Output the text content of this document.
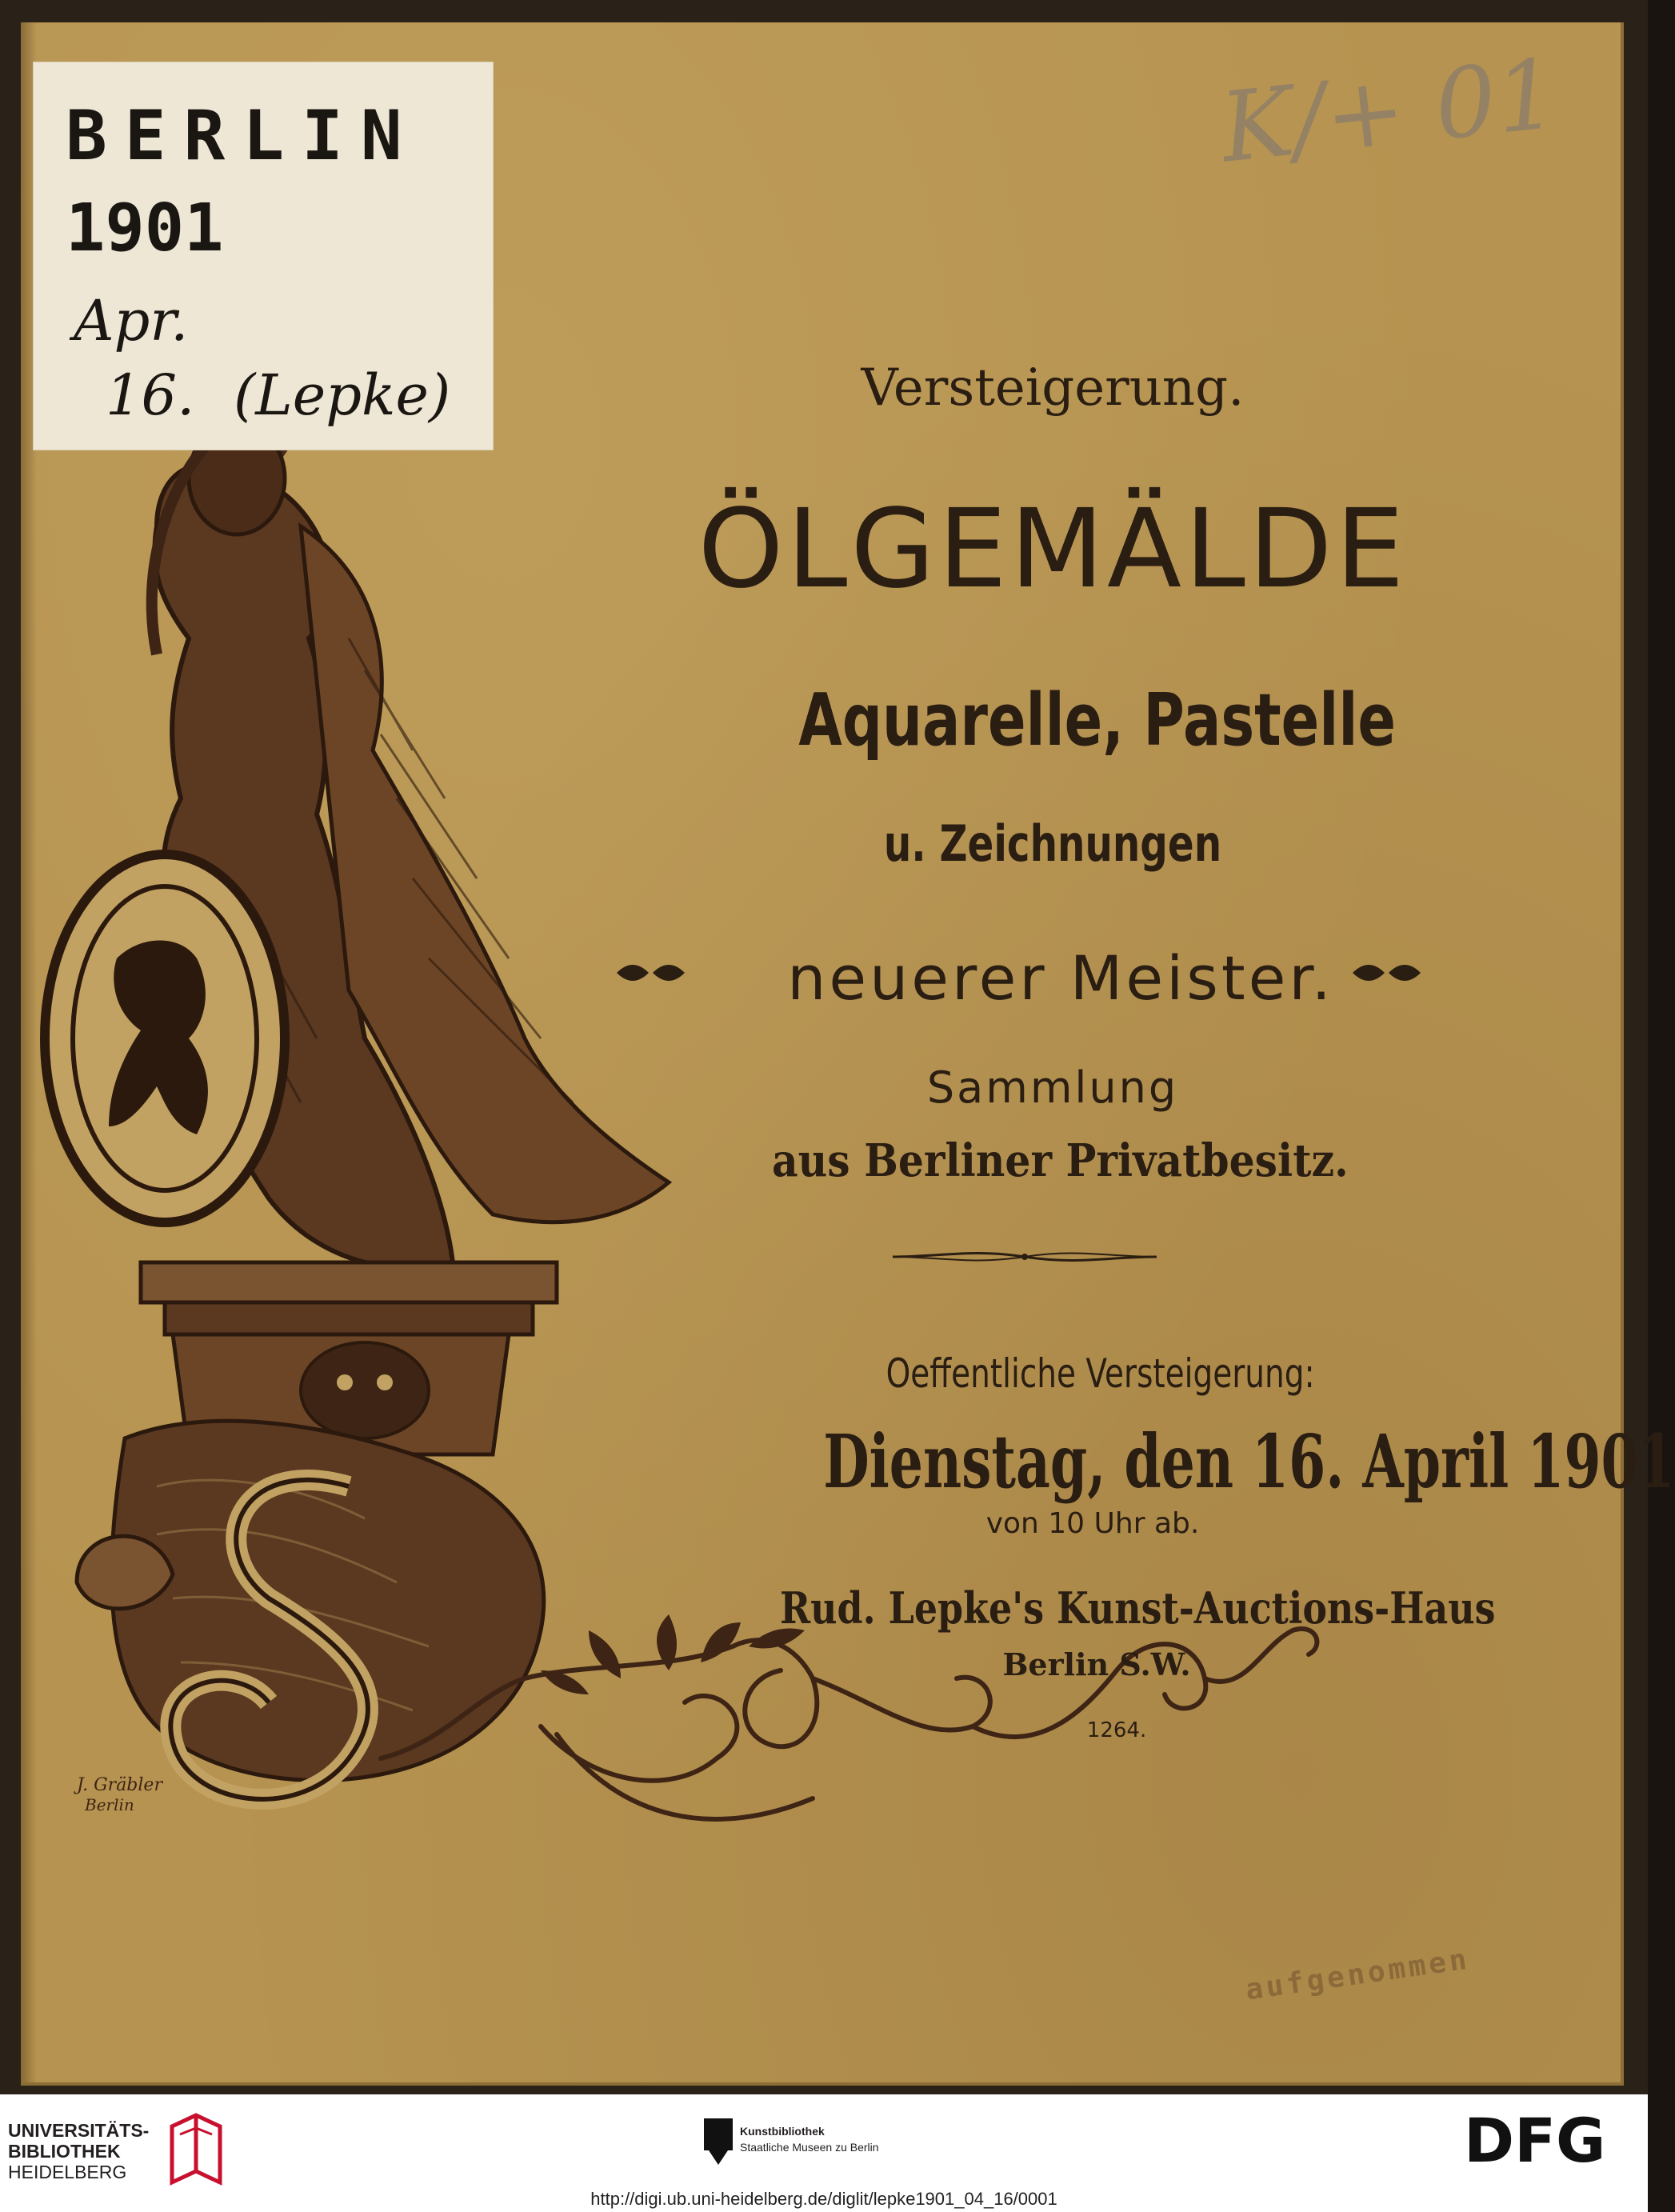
J. Gräbler
Berlin
Versteigerung.
ÖLGEMÄLDE
Aquarelle, Pastelle
u. Zeichnungen
neuerer Meister.
Sammlung
aus Berliner Privatbesitz.
Oeffentliche Versteigerung:
Dienstag, den 16. April 1901
von 10 Uhr ab.
Rud. Lepke's Kunst-Auctions-Haus
Berlin S.W.
1264.
K/+ 01
aufgenommen
BERLIN
1901
Apr.
16. (Lepke)
UNIVERSITÄTS-
BIBLIOTHEK
HEIDELBERG
Kunstbibliothek
Staatliche Museen zu Berlin	DFG
http://digi.ub.uni-heidelberg.de/diglit/lepke1901_04_16/0001
